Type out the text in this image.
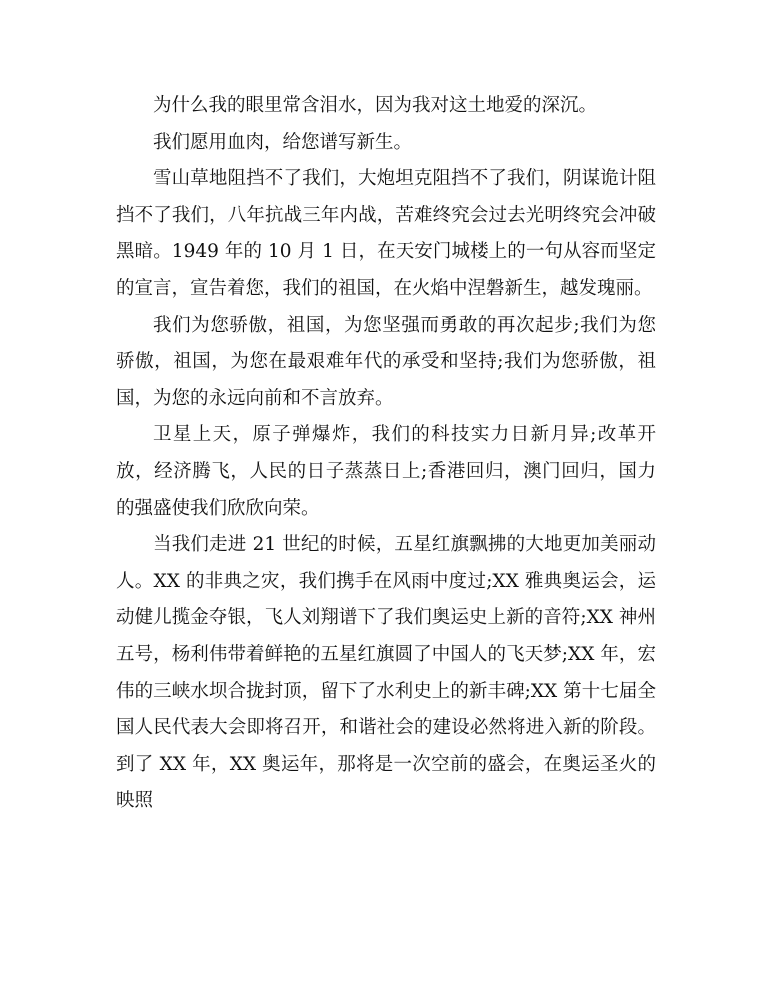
为什么我的眼里常含泪水，因为我对这土地爱的深沉。

我们愿用血肉，给您谱写新生。

雪山草地阻挡不了我们，大炮坦克阻挡不了我们，阴谋诡计阻挡不了我们，八年抗战三年内战，苦难终究会过去光明终究会冲破黑暗。1949 年的 10 月 1 日，在天安门城楼上的一句从容而坚定的宣言，宣告着您，我们的祖国，在火焰中涅磐新生，越发瑰丽。

我们为您骄傲，祖国，为您坚强而勇敢的再次起步;我们为您骄傲，祖国，为您在最艰难年代的承受和坚持;我们为您骄傲，祖国，为您的永远向前和不言放弃。

卫星上天，原子弹爆炸，我们的科技实力日新月异;改革开放，经济腾飞，人民的日子蒸蒸日上;香港回归，澳门回归，国力的强盛使我们欣欣向荣。

当我们走进 21 世纪的时候，五星红旗飘拂的大地更加美丽动人。XX 的非典之灾，我们携手在风雨中度过;XX 雅典奥运会，运动健儿揽金夺银，飞人刘翔谱下了我们奥运史上新的音符;XX 神州五号，杨利伟带着鲜艳的五星红旗圆了中国人的飞天梦;XX 年，宏伟的三峡水坝合拢封顶，留下了水利史上的新丰碑;XX 第十七届全国人民代表大会即将召开，和谐社会的建设必然将进入新的阶段。到了 XX 年，XX 奥运年，那将是一次空前的盛会，在奥运圣火的映照
